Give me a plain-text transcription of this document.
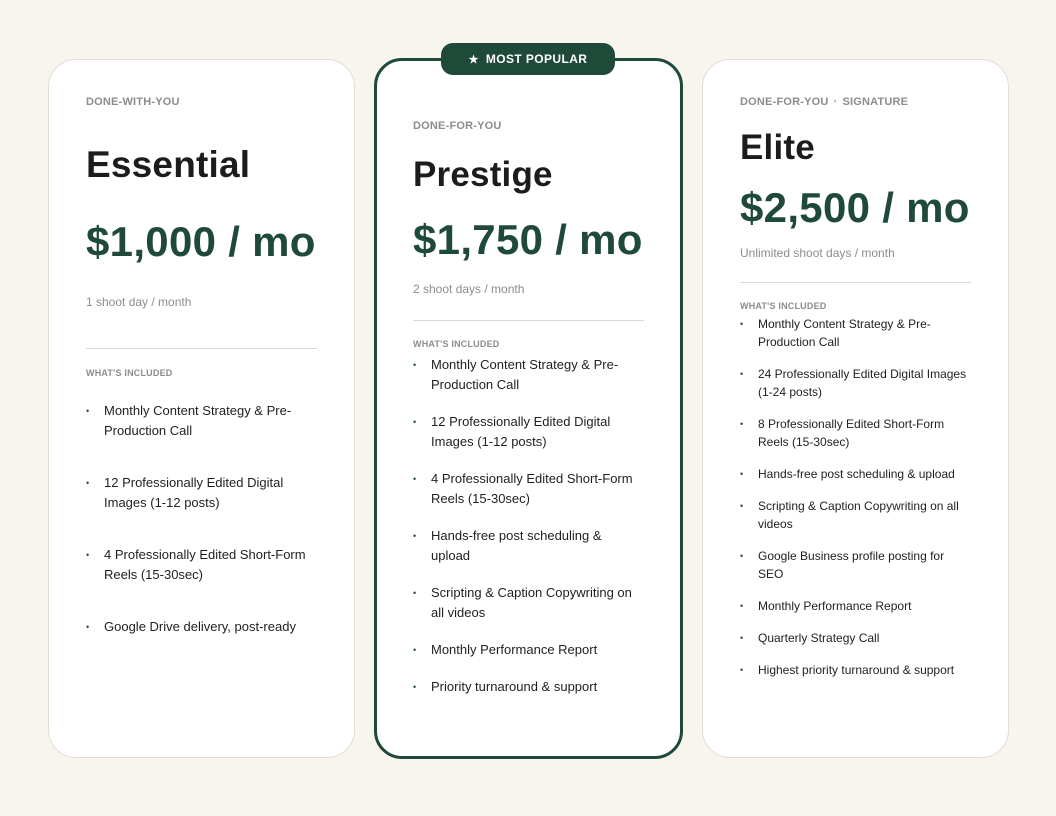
★ MOST POPULAR
DONE-WITH-YOU
Essential
$1,000 / mo
1 shoot day / month
WHAT'S INCLUDED
• Monthly Content Strategy & Pre-Production Call
• 12 Professionally Edited Digital Images (1-12 posts)
• 4 Professionally Edited Short-Form Reels (15-30sec)
• Google Drive delivery, post-ready
DONE-FOR-YOU
Prestige
$1,750 / mo
2 shoot days / month
WHAT'S INCLUDED
• Monthly Content Strategy & Pre-Production Call
• 12 Professionally Edited Digital Images (1-12 posts)
• 4 Professionally Edited Short-Form Reels (15-30sec)
• Hands-free post scheduling & upload
• Scripting & Caption Copywriting on all videos
• Monthly Performance Report
• Priority turnaround & support
DONE-FOR-YOU · SIGNATURE
Elite
$2,500 / mo
Unlimited shoot days / month
WHAT'S INCLUDED
• Monthly Content Strategy & Pre-Production Call
• 24 Professionally Edited Digital Images (1-24 posts)
• 8 Professionally Edited Short-Form Reels (15-30sec)
• Hands-free post scheduling & upload
• Scripting & Caption Copywriting on all videos
• Google Business profile posting for SEO
• Monthly Performance Report
• Quarterly Strategy Call
• Highest priority turnaround & support
